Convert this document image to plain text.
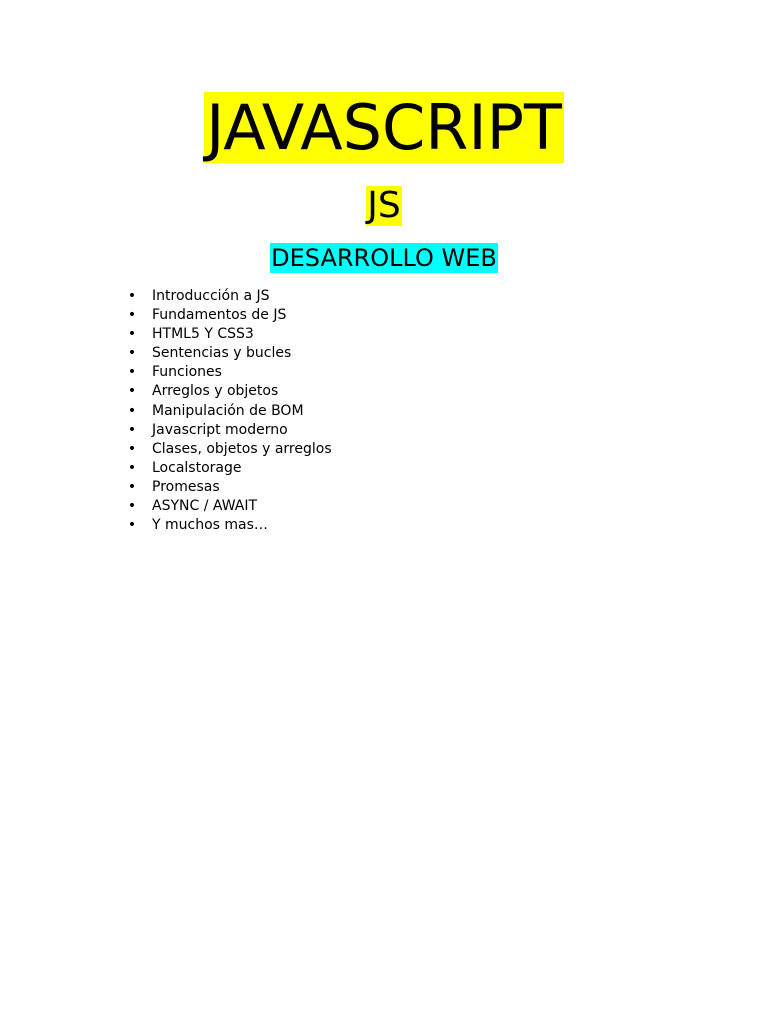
JAVASCRIPT
JS
DESARROLLO WEB
• Introducción a JS
• Fundamentos de JS
• HTML5 Y CSS3
• Sentencias y bucles
• Funciones
• Arreglos y objetos
• Manipulación de BOM
• Javascript moderno
• Clases, objetos y arreglos
• Localstorage
• Promesas
• ASYNC / AWAIT
• Y muchos mas…
